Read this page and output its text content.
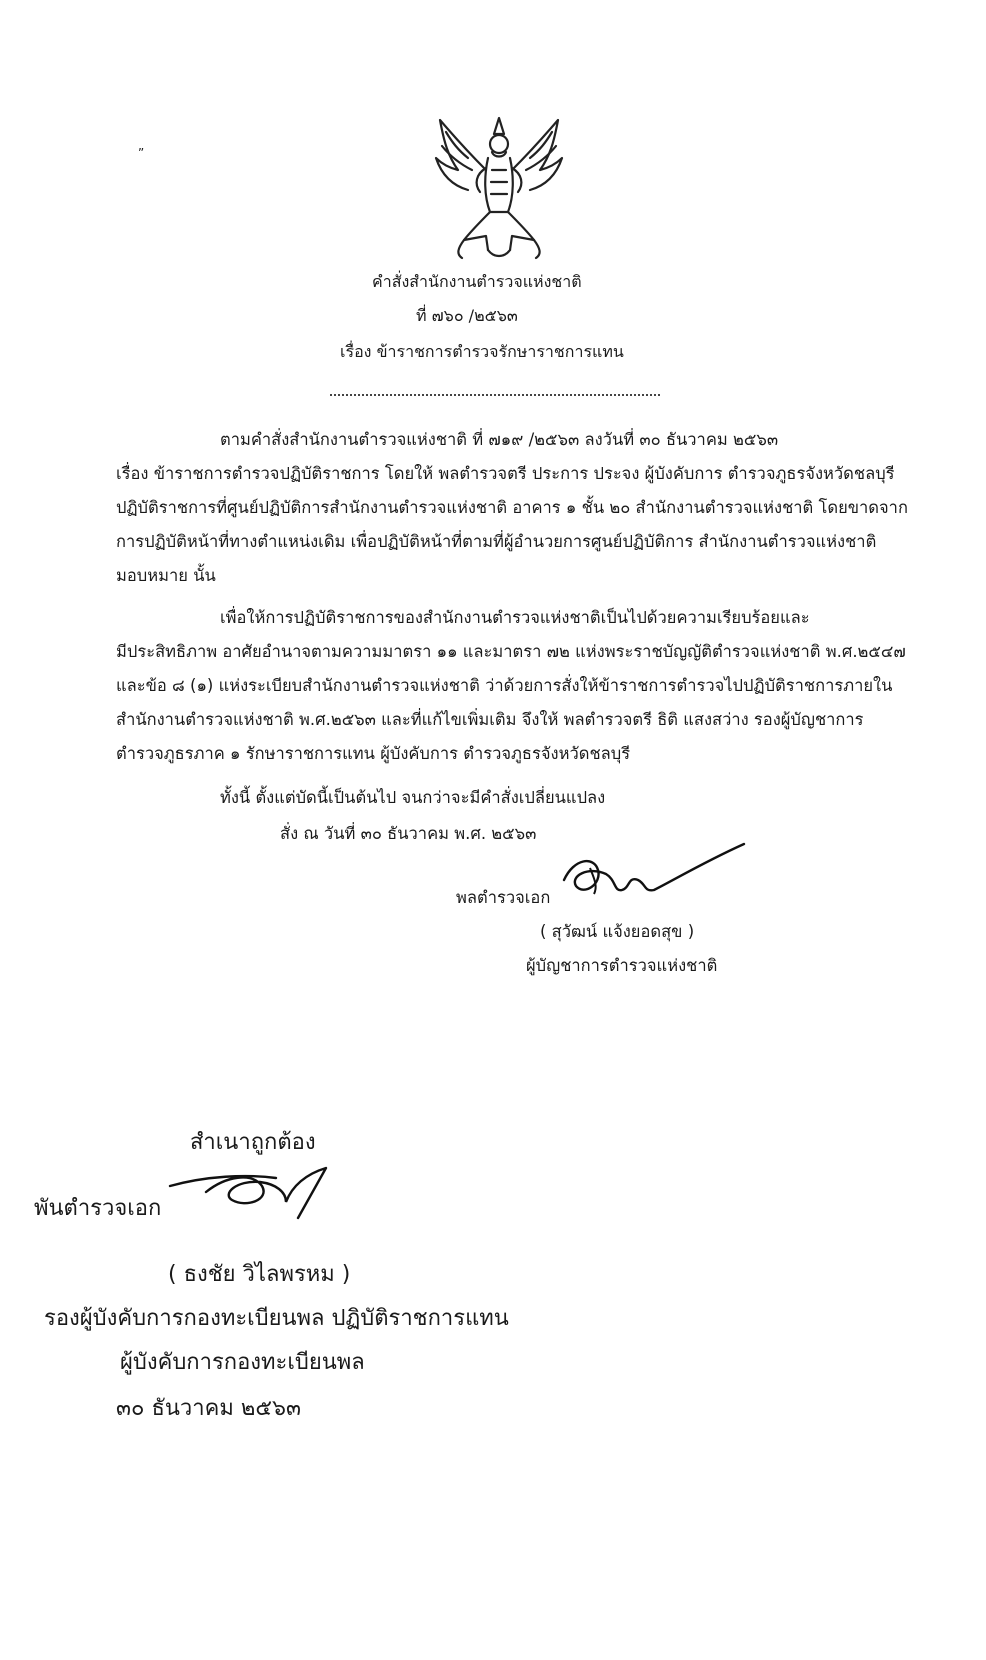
”
คำสั่งสำนักงานตำรวจแห่งชาติ
ที่ ๗๖๐ /๒๕๖๓
เรื่อง ข้าราชการตำรวจรักษาราชการแทน
ตามคำสั่งสำนักงานตำรวจแห่งชาติ ที่ ๗๑๙ /๒๕๖๓ ลงวันที่ ๓๐ ธันวาคม ๒๕๖๓
เรื่อง ข้าราชการตำรวจปฏิบัติราชการ โดยให้ พลตำรวจตรี ประการ ประจง ผู้บังคับการ ตำรวจภูธรจังหวัดชลบุรี
ปฏิบัติราชการที่ศูนย์ปฏิบัติการสำนักงานตำรวจแห่งชาติ อาคาร ๑ ชั้น ๒๐ สำนักงานตำรวจแห่งชาติ โดยขาดจาก
การปฏิบัติหน้าที่ทางตำแหน่งเดิม เพื่อปฏิบัติหน้าที่ตามที่ผู้อำนวยการศูนย์ปฏิบัติการ สำนักงานตำรวจแห่งชาติ
มอบหมาย นั้น
เพื่อให้การปฏิบัติราชการของสำนักงานตำรวจแห่งชาติเป็นไปด้วยความเรียบร้อยและ
มีประสิทธิภาพ อาศัยอำนาจตามความมาตรา ๑๑ และมาตรา ๗๒ แห่งพระราชบัญญัติตำรวจแห่งชาติ พ.ศ.๒๕๔๗
และข้อ ๘ (๑) แห่งระเบียบสำนักงานตำรวจแห่งชาติ ว่าด้วยการสั่งให้ข้าราชการตำรวจไปปฏิบัติราชการภายใน
สำนักงานตำรวจแห่งชาติ พ.ศ.๒๕๖๓ และที่แก้ไขเพิ่มเติม จึงให้ พลตำรวจตรี ธิติ แสงสว่าง รองผู้บัญชาการ
ตำรวจภูธรภาค ๑ รักษาราชการแทน ผู้บังคับการ ตำรวจภูธรจังหวัดชลบุรี
ทั้งนี้ ตั้งแต่บัดนี้เป็นต้นไป จนกว่าจะมีคำสั่งเปลี่ยนแปลง
สั่ง ณ วันที่ ๓๐ ธันวาคม พ.ศ. ๒๕๖๓
พลตำรวจเอก
( สุวัฒน์ แจ้งยอดสุข )
ผู้บัญชาการตำรวจแห่งชาติ
สำเนาถูกต้อง
พันตำรวจเอก
( ธงชัย วิไลพรหม )
รองผู้บังคับการกองทะเบียนพล ปฏิบัติราชการแทน
ผู้บังคับการกองทะเบียนพล
๓๐ ธันวาคม ๒๕๖๓
